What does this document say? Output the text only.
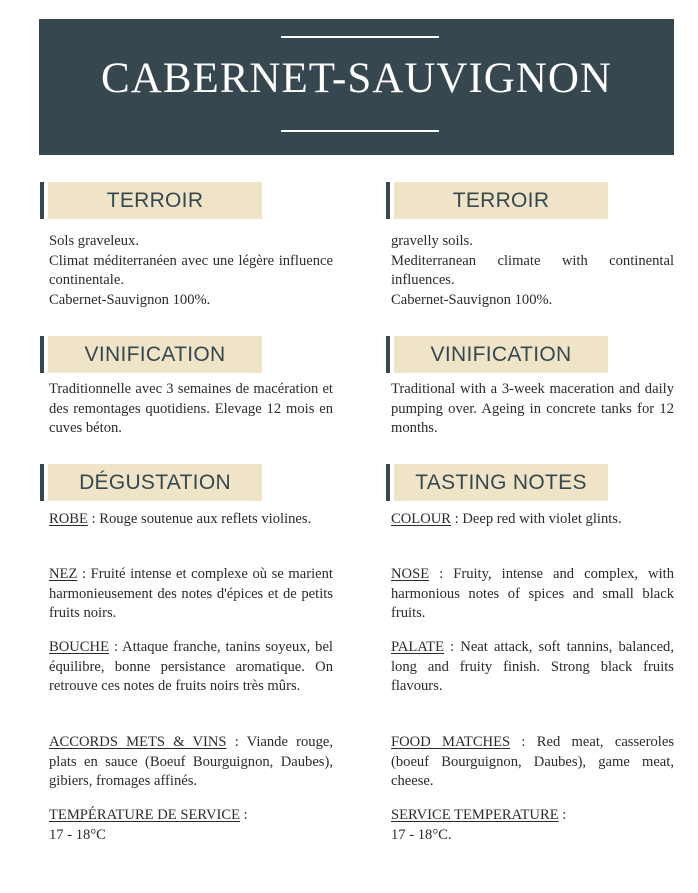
CABERNET-SAUVIGNON
TERROIR

Sols graveleux.

Climat méditerranéen avec une légère influence continentale.

Cabernet-Sauvignon 100%.

VINIFICATION

Traditionnelle avec 3 semaines de macération et des remontages quotidiens. Elevage 12 mois en cuves béton.

DÉGUSTATION

ROBE : Rouge soutenue aux reflets violines.

NEZ : Fruité intense et complexe où se marient harmonieusement des notes d'épices et de petits fruits noirs.

BOUCHE : Attaque franche, tanins soyeux, bel équilibre, bonne persistance aromatique. On retrouve ces notes de fruits noirs très mûrs.

ACCORDS METS & VINS : Viande rouge, plats en sauce (Boeuf Bourguignon, Daubes), gibiers, fromages affinés.

TEMPÉRATURE DE SERVICE :

17 - 18°C

TERROIR

gravelly soils.

Mediterranean climate with continental influences.

Cabernet-Sauvignon 100%.

VINIFICATION

Traditional with a 3-week maceration and daily pumping over. Ageing in concrete tanks for 12 months.

TASTING NOTES

COLOUR : Deep red with violet glints.

NOSE : Fruity, intense and complex, with harmonious notes of spices and small black fruits.

PALATE : Neat attack, soft tannins, balanced, long and fruity finish. Strong black fruits flavours.

FOOD MATCHES : Red meat, casseroles (boeuf Bourguignon, Daubes), game meat, cheese.

SERVICE TEMPERATURE :

17 - 18°C.
